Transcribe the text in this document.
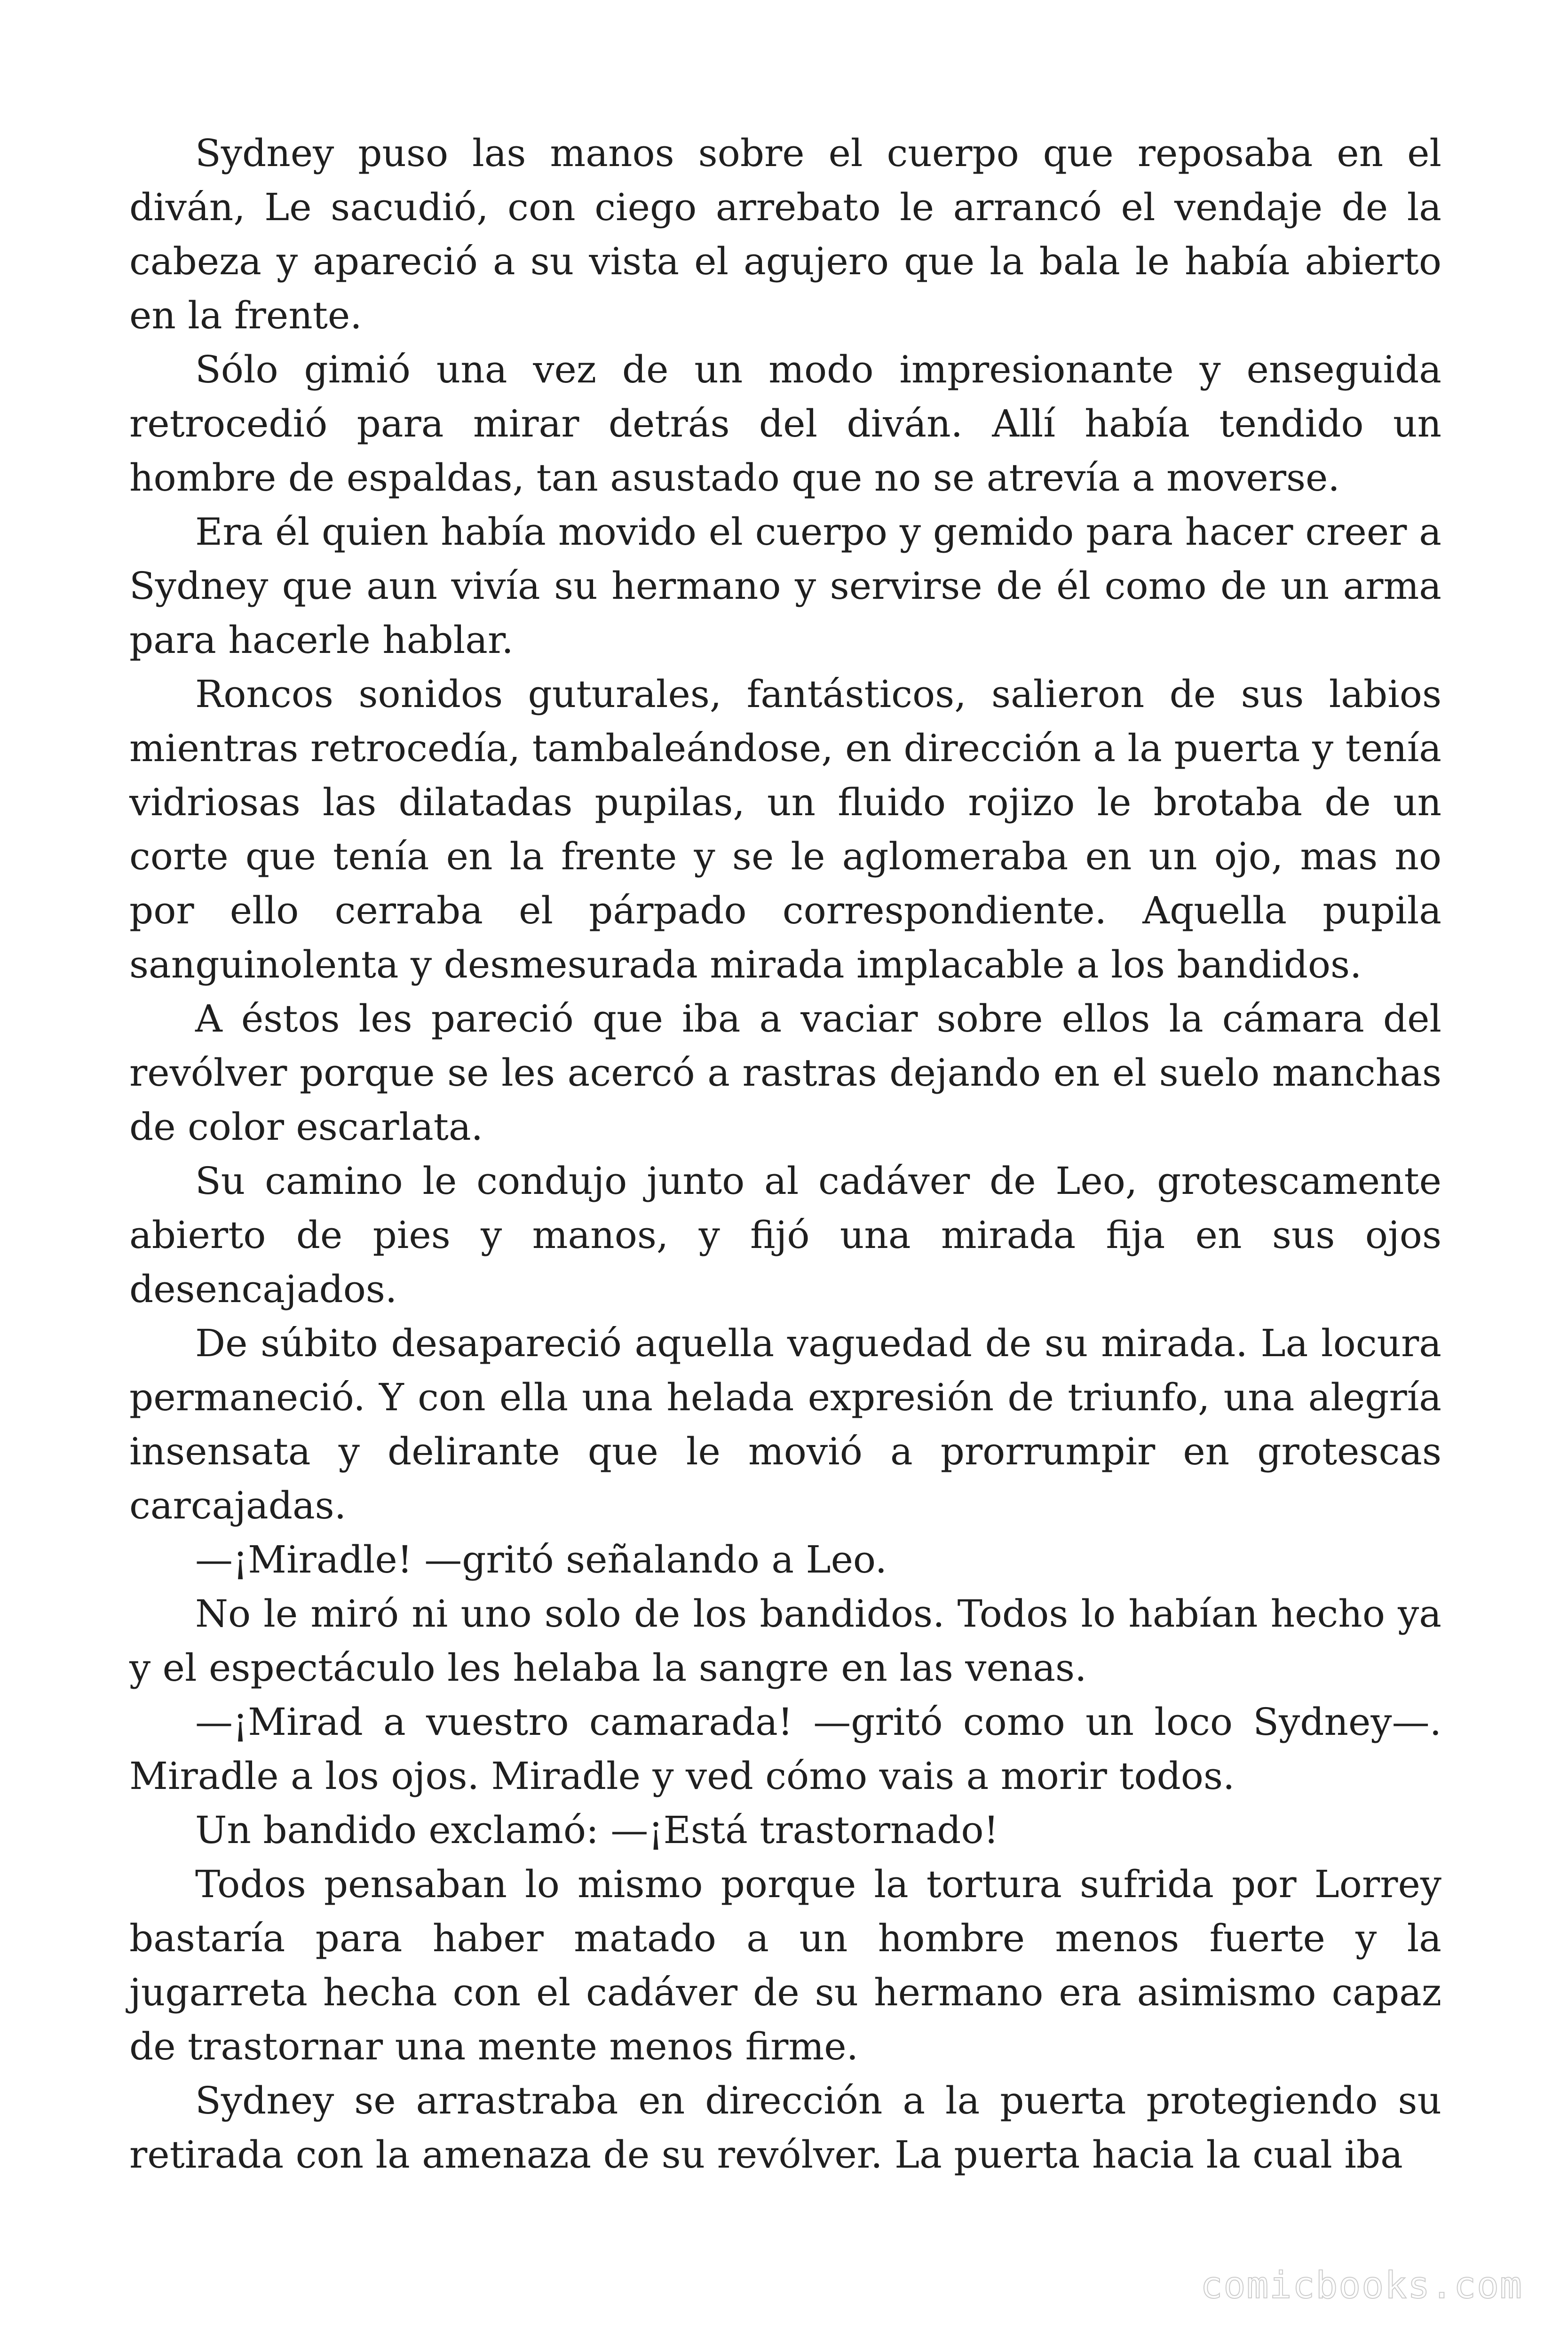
Sydney puso las manos sobre el cuerpo que reposaba en el diván, Le sacudió, con ciego arrebato le arrancó el vendaje de la cabeza y apareció a su vista el agujero que la bala le había abierto en la frente.

Sólo gimió una vez de un modo impresionante y enseguida retrocedió para mirar detrás del diván. Allí había tendido un hombre de espaldas, tan asustado que no se atrevía a moverse.

Era él quien había movido el cuerpo y gemido para hacer creer a Sydney que aun vivía su hermano y servirse de él como de un arma para hacerle hablar.

Roncos sonidos guturales, fantásticos, salieron de sus labios mientras retrocedía, tambaleándose, en dirección a la puerta y tenía vidriosas las dilatadas pupilas, un fluido rojizo le brotaba de un corte que tenía en la frente y se le aglomeraba en un ojo, mas no por ello cerraba el párpado correspondiente. Aquella pupila sanguinolenta y desmesurada mirada implacable a los bandidos.

A éstos les pareció que iba a vaciar sobre ellos la cámara del revólver porque se les acercó a rastras dejando en el suelo manchas de color escarlata.

Su camino le condujo junto al cadáver de Leo, grotescamente abierto de pies y manos, y fijó una mirada fija en sus ojos desencajados.

De súbito desapareció aquella vaguedad de su mirada. La locura permaneció. Y con ella una helada expresión de triunfo, una alegría insensata y delirante que le movió a prorrumpir en grotescas carcajadas.

—¡Miradle! —gritó señalando a Leo.

No le miró ni uno solo de los bandidos. Todos lo habían hecho ya y el espectáculo les helaba la sangre en las venas.

—¡Mirad a vuestro camarada! —gritó como un loco Sydney—. Miradle a los ojos. Miradle y ved cómo vais a morir todos.

Un bandido exclamó: —¡Está trastornado!

Todos pensaban lo mismo porque la tortura sufrida por Lorrey bastaría para haber matado a un hombre menos fuerte y la jugarreta hecha con el cadáver de su hermano era asimismo capaz de trastornar una mente menos firme.

Sydney se arrastraba en dirección a la puerta protegiendo su retirada con la amenaza de su revólver. La puerta hacia la cual iba

comicbooks.com
